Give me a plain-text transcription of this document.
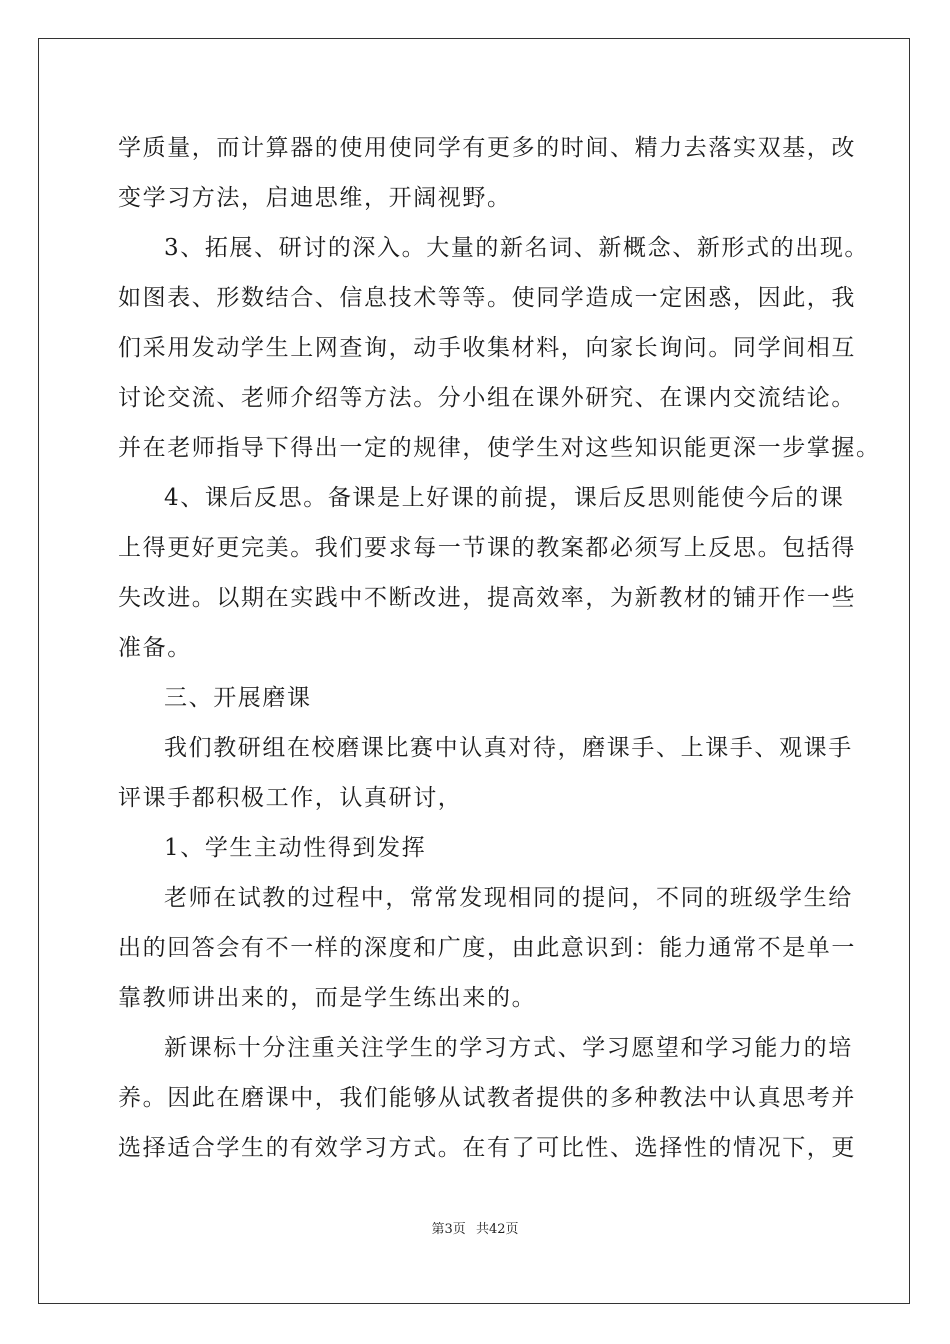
学质量，而计算器的使用使同学有更多的时间、精力去落实双基，改
变学习方法，启迪思维，开阔视野。
3、拓展、研讨的深入。大量的新名词、新概念、新形式的出现。
如图表、形数结合、信息技术等等。使同学造成一定困惑，因此，我
们采用发动学生上网查询，动手收集材料，向家长询问。同学间相互
讨论交流、老师介绍等方法。分小组在课外研究、在课内交流结论。
并在老师指导下得出一定的规律，使学生对这些知识能更深一步掌握。
4、课后反思。备课是上好课的前提，课后反思则能使今后的课
上得更好更完美。我们要求每一节课的教案都必须写上反思。包括得
失改进。以期在实践中不断改进，提高效率，为新教材的铺开作一些
准备。
三、开展磨课
我们教研组在校磨课比赛中认真对待，磨课手、上课手、观课手
评课手都积极工作，认真研讨，
1、学生主动性得到发挥
老师在试教的过程中，常常发现相同的提问，不同的班级学生给
出的回答会有不一样的深度和广度，由此意识到：能力通常不是单一
靠教师讲出来的，而是学生练出来的。
新课标十分注重关注学生的学习方式、学习愿望和学习能力的培
养。因此在磨课中，我们能够从试教者提供的多种教法中认真思考并
选择适合学生的有效学习方式。在有了可比性、选择性的情况下，更
第3页 共42页
